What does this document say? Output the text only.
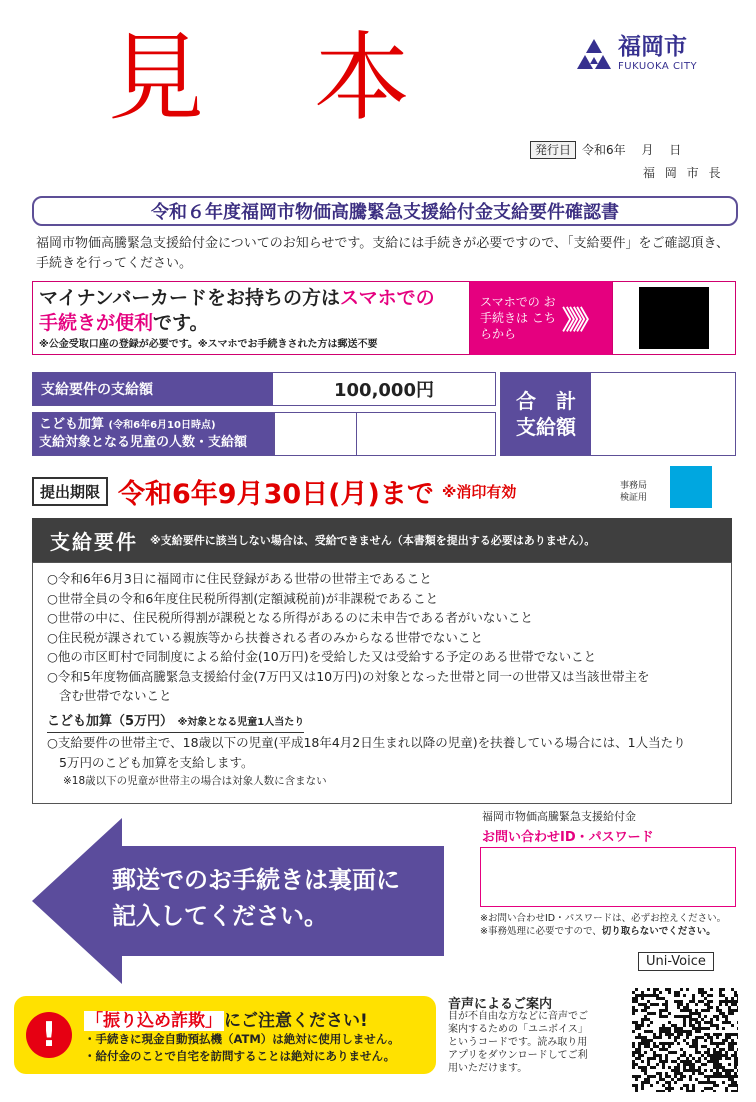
見本	福岡市
FUKUOKA CITY
発行日 令和6年　 月　 日
福 岡 市 長
令和６年度福岡市物価高騰緊急支援給付金支給要件確認書
福岡市物価高騰緊急支援給付金についてのお知らせです。支給には手続きが必要ですので、「支給要件」をご確認頂き、手続きを行ってください。
マイナンバーカードをお持ちの方はスマホでの
手続きが便利です。
※公金受取口座の登録が必要です。※スマホでお手続きされた方は郵送不要
スマホでの お手続きは こちらから	》》》
支給要件の支給額	100,000円
こども加算 (令和6年6月10日時点)
支給対象となる児童の人数・支給額
合　計
支給額
提出期限 令和6年9月30日(月)まで ※消印有効	事務局
検証用
支給要件 ※支給要件に該当しない場合は、受給できません（本書類を提出する必要はありません）。
○令和6年6月3日に福岡市に住民登録がある世帯の世帯主であること
○世帯全員の令和6年度住民税所得割(定額減税前)が非課税であること
○世帯の中に、住民税所得割が課税となる所得があるのに未申告である者がいないこと
○住民税が課されている親族等から扶養される者のみからなる世帯でないこと
○他の市区町村で同制度による給付金(10万円)を受給した又は受給する予定のある世帯でないこと
○令和5年度物価高騰緊急支援給付金(7万円又は10万円)の対象となった世帯と同一の世帯又は当該世帯主を
含む世帯でないこと
こども加算（5万円） ※対象となる児童1人当たり
○支給要件の世帯主で、18歳以下の児童(平成18年4月2日生まれ以降の児童)を扶養している場合には、1人当たり
5万円のこども加算を支給します。
※18歳以下の児童が世帯主の場合は対象人数に含まない
郵送でのお手続きは裏面に
記入してください。
福岡市物価高騰緊急支援給付金
お問い合わせID・パスワード
※お問い合わせID・パスワードは、必ずお控えください。
※事務処理に必要ですので、切り取らないでください。
Uni-Voice
!	「振り込め詐欺」 にご注意ください!
・手続きに現金自動預払機（ATM）は絶対に使用しません。
・給付金のことで自宅を訪問することは絶対にありません。
音声によるご案内
目が不自由な方などに音声でご案内するための「ユニボイス」というコードです。読み取り用アプリをダウンロードしてご利用いただけます。
